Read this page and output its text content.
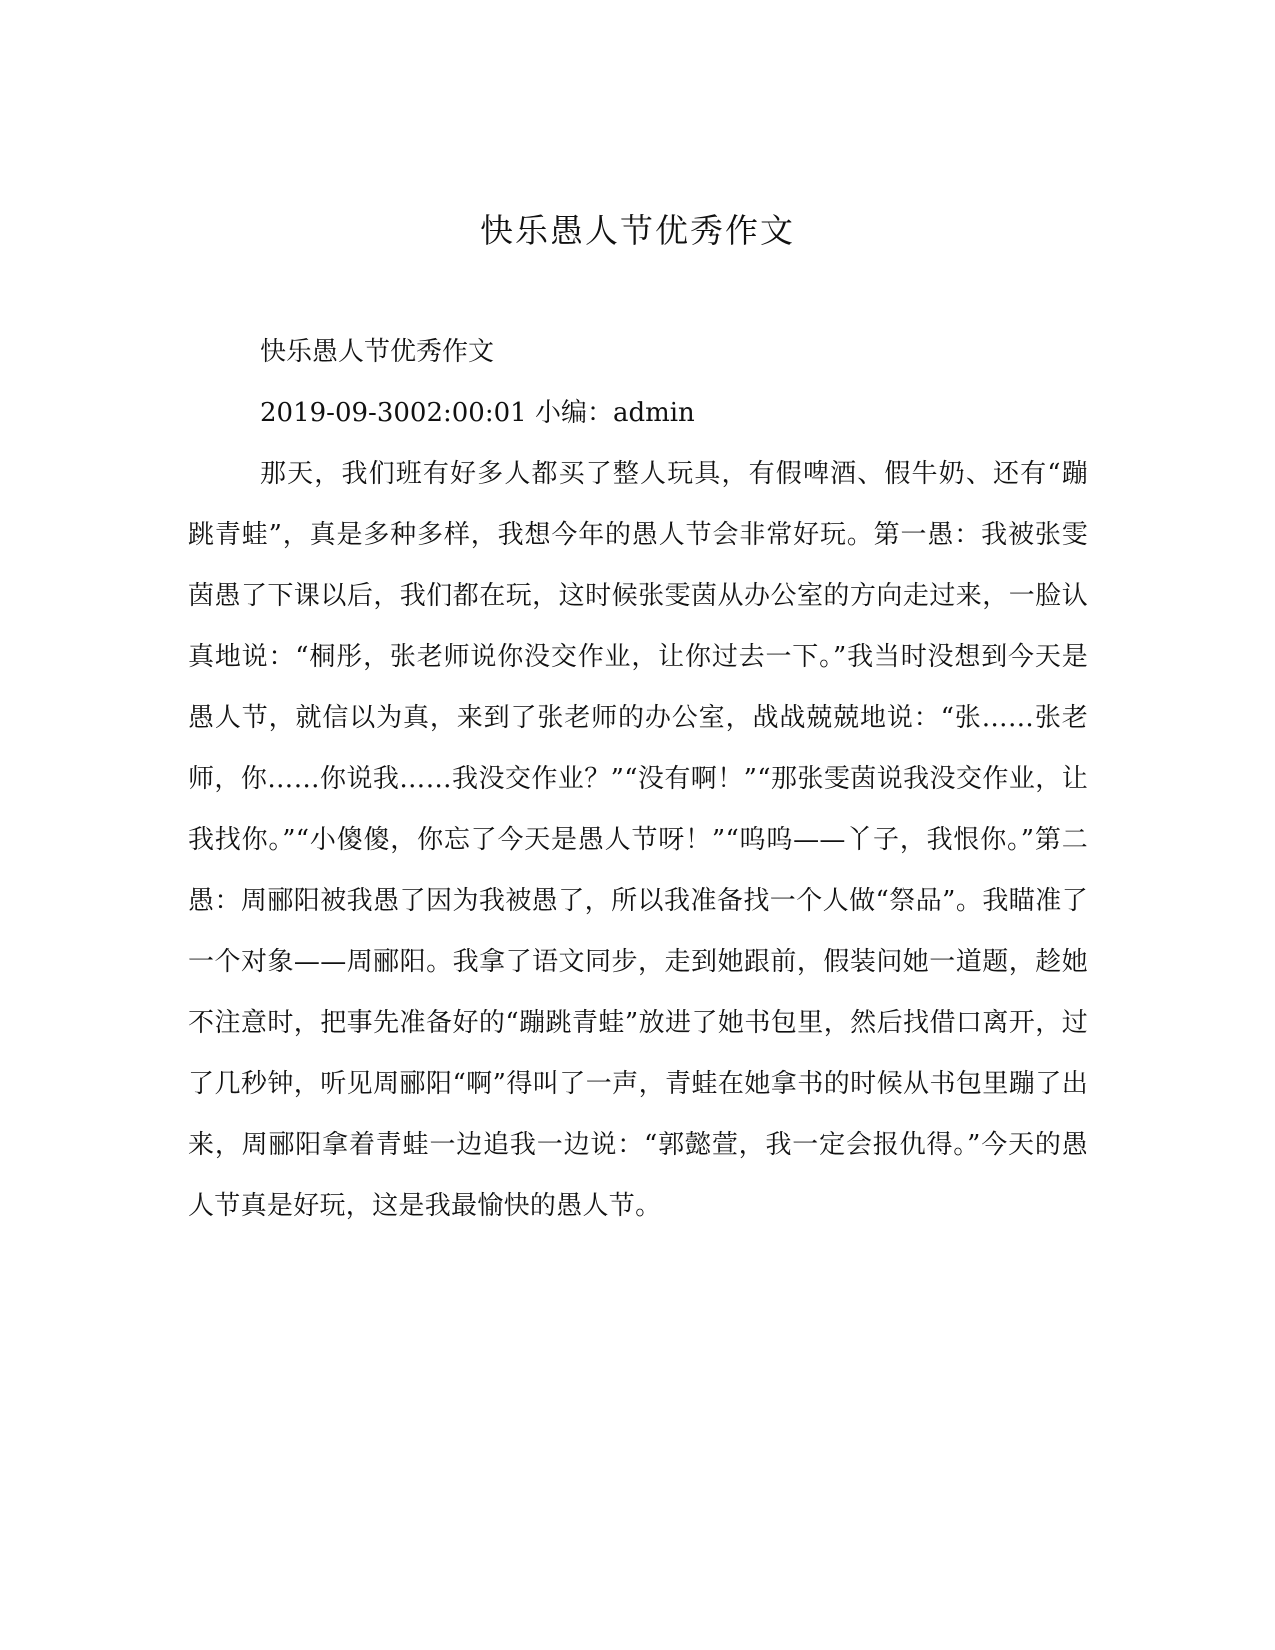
快乐愚人节优秀作文

快乐愚人节优秀作文

2019-09-3002:00:01 小编：admin

那天，我们班有好多人都买了整人玩具，有假啤酒、假牛奶、还有“蹦跳青蛙”，真是多种多样，我想今年的愚人节会非常好玩。第一愚：我被张雯茵愚了下课以后，我们都在玩，这时候张雯茵从办公室的方向走过来，一脸认真地说：“桐彤，张老师说你没交作业，让你过去一下。”我当时没想到今天是愚人节，就信以为真，来到了张老师的办公室，战战兢兢地说：“张……张老师，你……你说我……我没交作业？”“没有啊！”“那张雯茵说我没交作业，让我找你。”“小傻傻，你忘了今天是愚人节呀！”“呜呜——丫子，我恨你。”第二愚：周郦阳被我愚了因为我被愚了，所以我准备找一个人做“祭品”。我瞄准了一个对象——周郦阳。我拿了语文同步，走到她跟前，假装问她一道题，趁她不注意时，把事先准备好的“蹦跳青蛙”放进了她书包里，然后找借口离开，过了几秒钟，听见周郦阳“啊”得叫了一声，青蛙在她拿书的时候从书包里蹦了出来，周郦阳拿着青蛙一边追我一边说：“郭懿萱，我一定会报仇得。”今天的愚人节真是好玩，这是我最愉快的愚人节。
